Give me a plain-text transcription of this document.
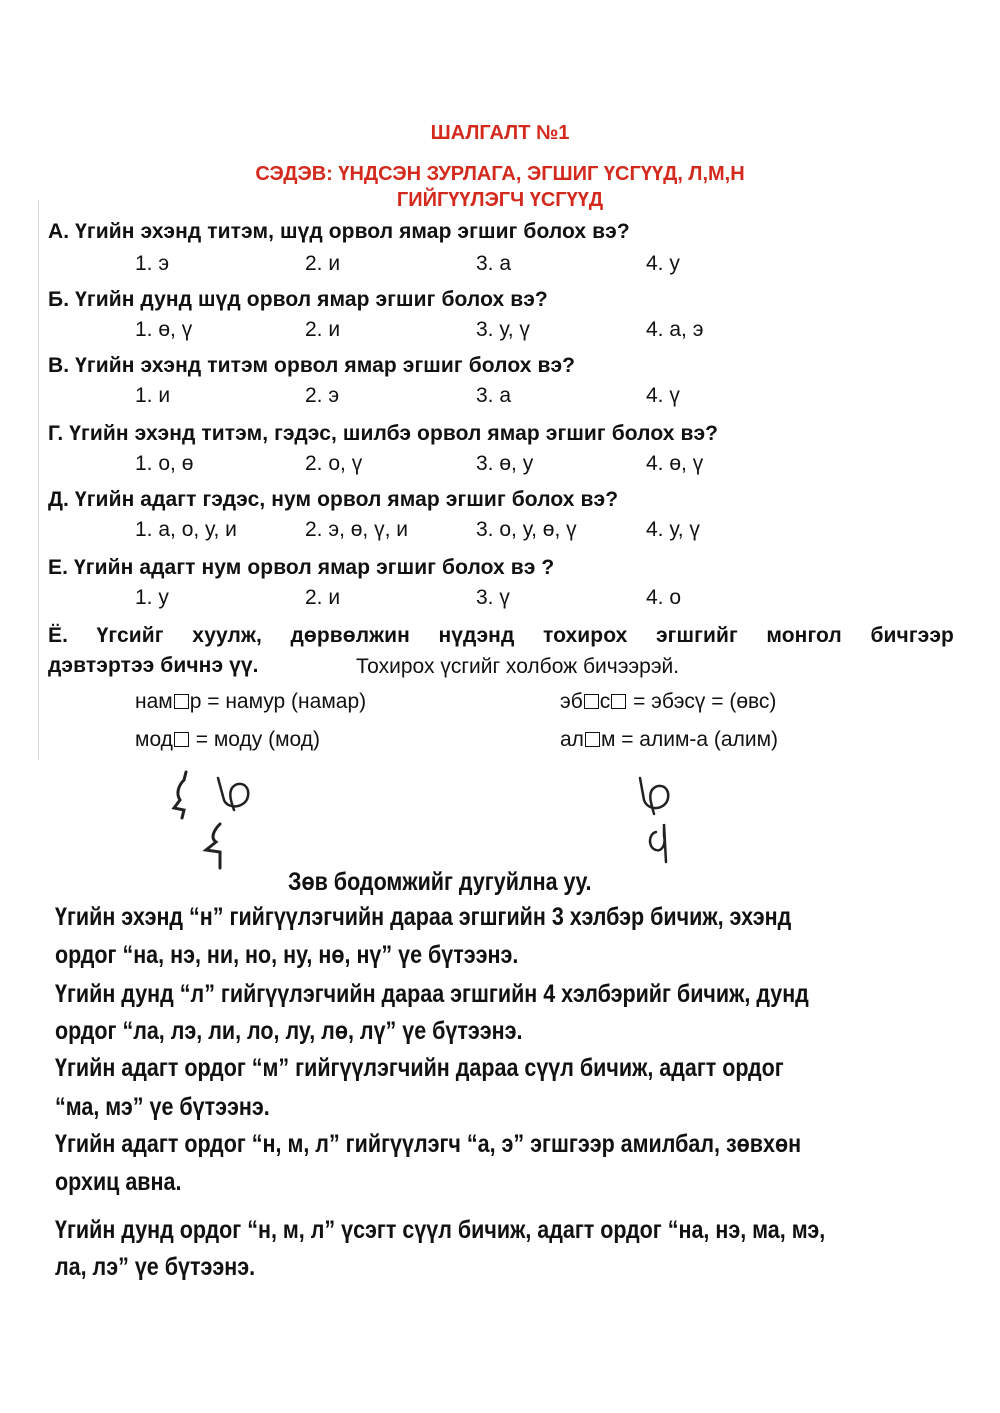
ШАЛГАЛТ №1
СЭДЭВ: ҮНДСЭН ЗУРЛАГА, ЭГШИГ ҮСГҮҮД, Л,М,Н
ГИЙГҮҮЛЭГЧ ҮСГҮҮД
А. Үгийн эхэнд титэм, шүд орвол ямар эгшиг болох вэ?
1. э	2. и	3. а	4. у
Б. Үгийн дунд шүд орвол ямар эгшиг болох вэ?
1. ө, ү	2. и	3. у, ү	4. а, э
В. Үгийн эхэнд титэм орвол ямар эгшиг болох вэ?
1. и	2. э	3. а	4. ү
Г. Үгийн эхэнд титэм, гэдэс, шилбэ орвол ямар эгшиг болох вэ?
1. о, ө	2. о, ү	3. ө, у	4. ө, ү
Д. Үгийн адагт гэдэс, нум орвол ямар эгшиг болох вэ?
1. а, о, у, и	2. э, ө, ү, и	3. о, у, ө, ү	4. у, ү
Е. Үгийн адагт нум орвол ямар эгшиг болох вэ ?
1. у	2. и	3. ү	4. о
Ё. Үгсийг хуулж, дөрвөлжин нүдэнд тохирох эгшгийг монгол бичгээр
дэвтэртээ бичнэ үү.	Тохирох үсгийг холбож бичээрэй.
нам р = намур (намар)	эб с = эбэсү = (өвс)
мод = моду (мод)	ал м = алим-а (алим)
Зөв бодомжийг дугуйлна уу.
Үгийн эхэнд “н” гийгүүлэгчийн дараа эгшгийн 3 хэлбэр бичиж, эхэнд
ордог “на, нэ, ни, но, ну, нө, нү” үе бүтээнэ.
Үгийн дунд “л” гийгүүлэгчийн дараа эгшгийн 4 хэлбэрийг бичиж, дунд
ордог “ла, лэ, ли, ло, лу, лө, лү” үе бүтээнэ.
Үгийн адагт ордог “м” гийгүүлэгчийн дараа сүүл бичиж, адагт ордог
“ма, мэ” үе бүтээнэ.
Үгийн адагт ордог “н, м, л” гийгүүлэгч “а, э” эгшгээр амилбал, зөвхөн
орхиц авна.
Үгийн дунд ордог “н, м, л” үсэгт сүүл бичиж, адагт ордог “на, нэ, ма, мэ,
ла, лэ” үе бүтээнэ.
